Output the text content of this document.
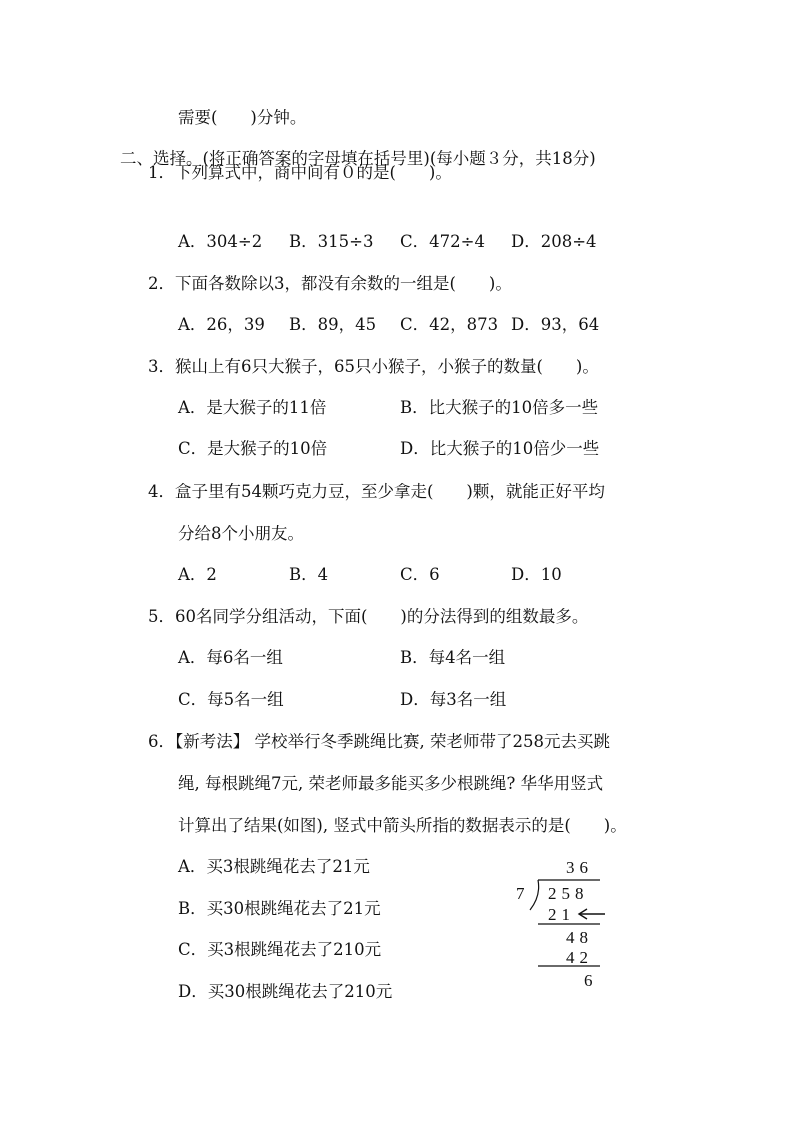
需要(　　)分钟。
二、选择。(将正确答案的字母填在括号里)(每小题３分，共18分)
1．下列算式中，商中间有０的是(　　)。
A．304÷2 B．315÷3 C．472÷4 D．208÷4
2．下面各数除以3，都没有余数的一组是(　　)。
A．26，39 B．89，45 C．42，873 D．93，64
3．猴山上有6只大猴子，65只小猴子，小猴子的数量(　　)。
A．是大猴子的11倍	B．比大猴子的10倍多一些
C．是大猴子的10倍	D．比大猴子的10倍少一些
4．盒子里有54颗巧克力豆，至少拿走(　　)颗，就能正好平均
分给8个小朋友。
A．2	B．4	C．6	D．10
5．60名同学分组活动，下面(　　)的分法得到的组数最多。
A．每6名一组	B．每4名一组
C．每5名一组	D．每3名一组
6．【新考法】 学校举行冬季跳绳比赛, 荣老师带了258元去买跳
绳, 每根跳绳7元, 荣老师最多能买多少根跳绳? 华华用竖式
计算出了结果(如图), 竖式中箭头所指的数据表示的是(　　)。
A．买3根跳绳花去了21元
B．买30根跳绳花去了21元
C．买3根跳绳花去了210元
D．买30根跳绳花去了210元
36
7 258
21
48
42
6
